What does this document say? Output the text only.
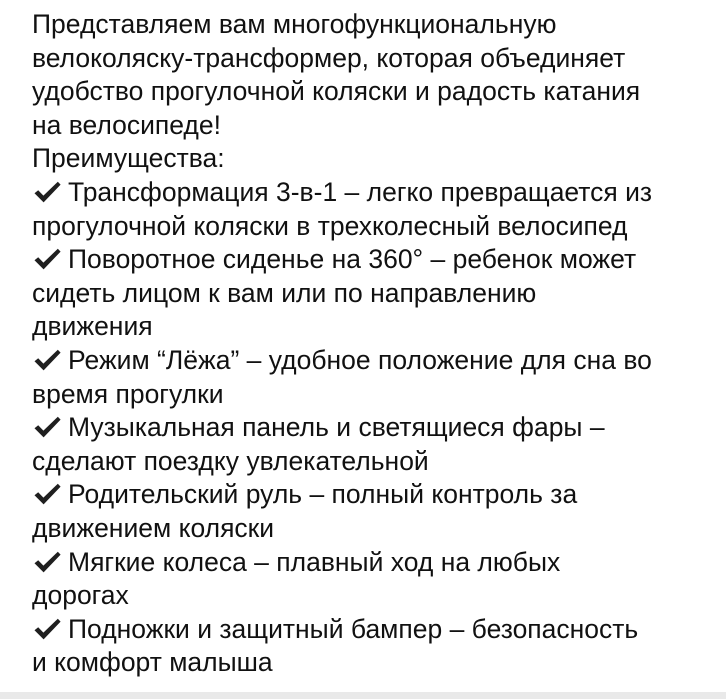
Представляем вам многофункциональную
велоколяску-трансформер, которая объединяет
удобство прогулочной коляски и радость катания
на велосипеде!
Преимущества:
Трансформация 3-в-1 – легко превращается из
прогулочной коляски в трехколесный велосипед
Поворотное сиденье на 360° – ребенок может
сидеть лицом к вам или по направлению
движения
Режим “Лёжа” – удобное положение для сна во
время прогулки
Музыкальная панель и светящиеся фары –
сделают поездку увлекательной
Родительский руль – полный контроль за
движением коляски
Мягкие колеса – плавный ход на любых
дорогах
Подножки и защитный бампер – безопасность
и комфорт малыша
